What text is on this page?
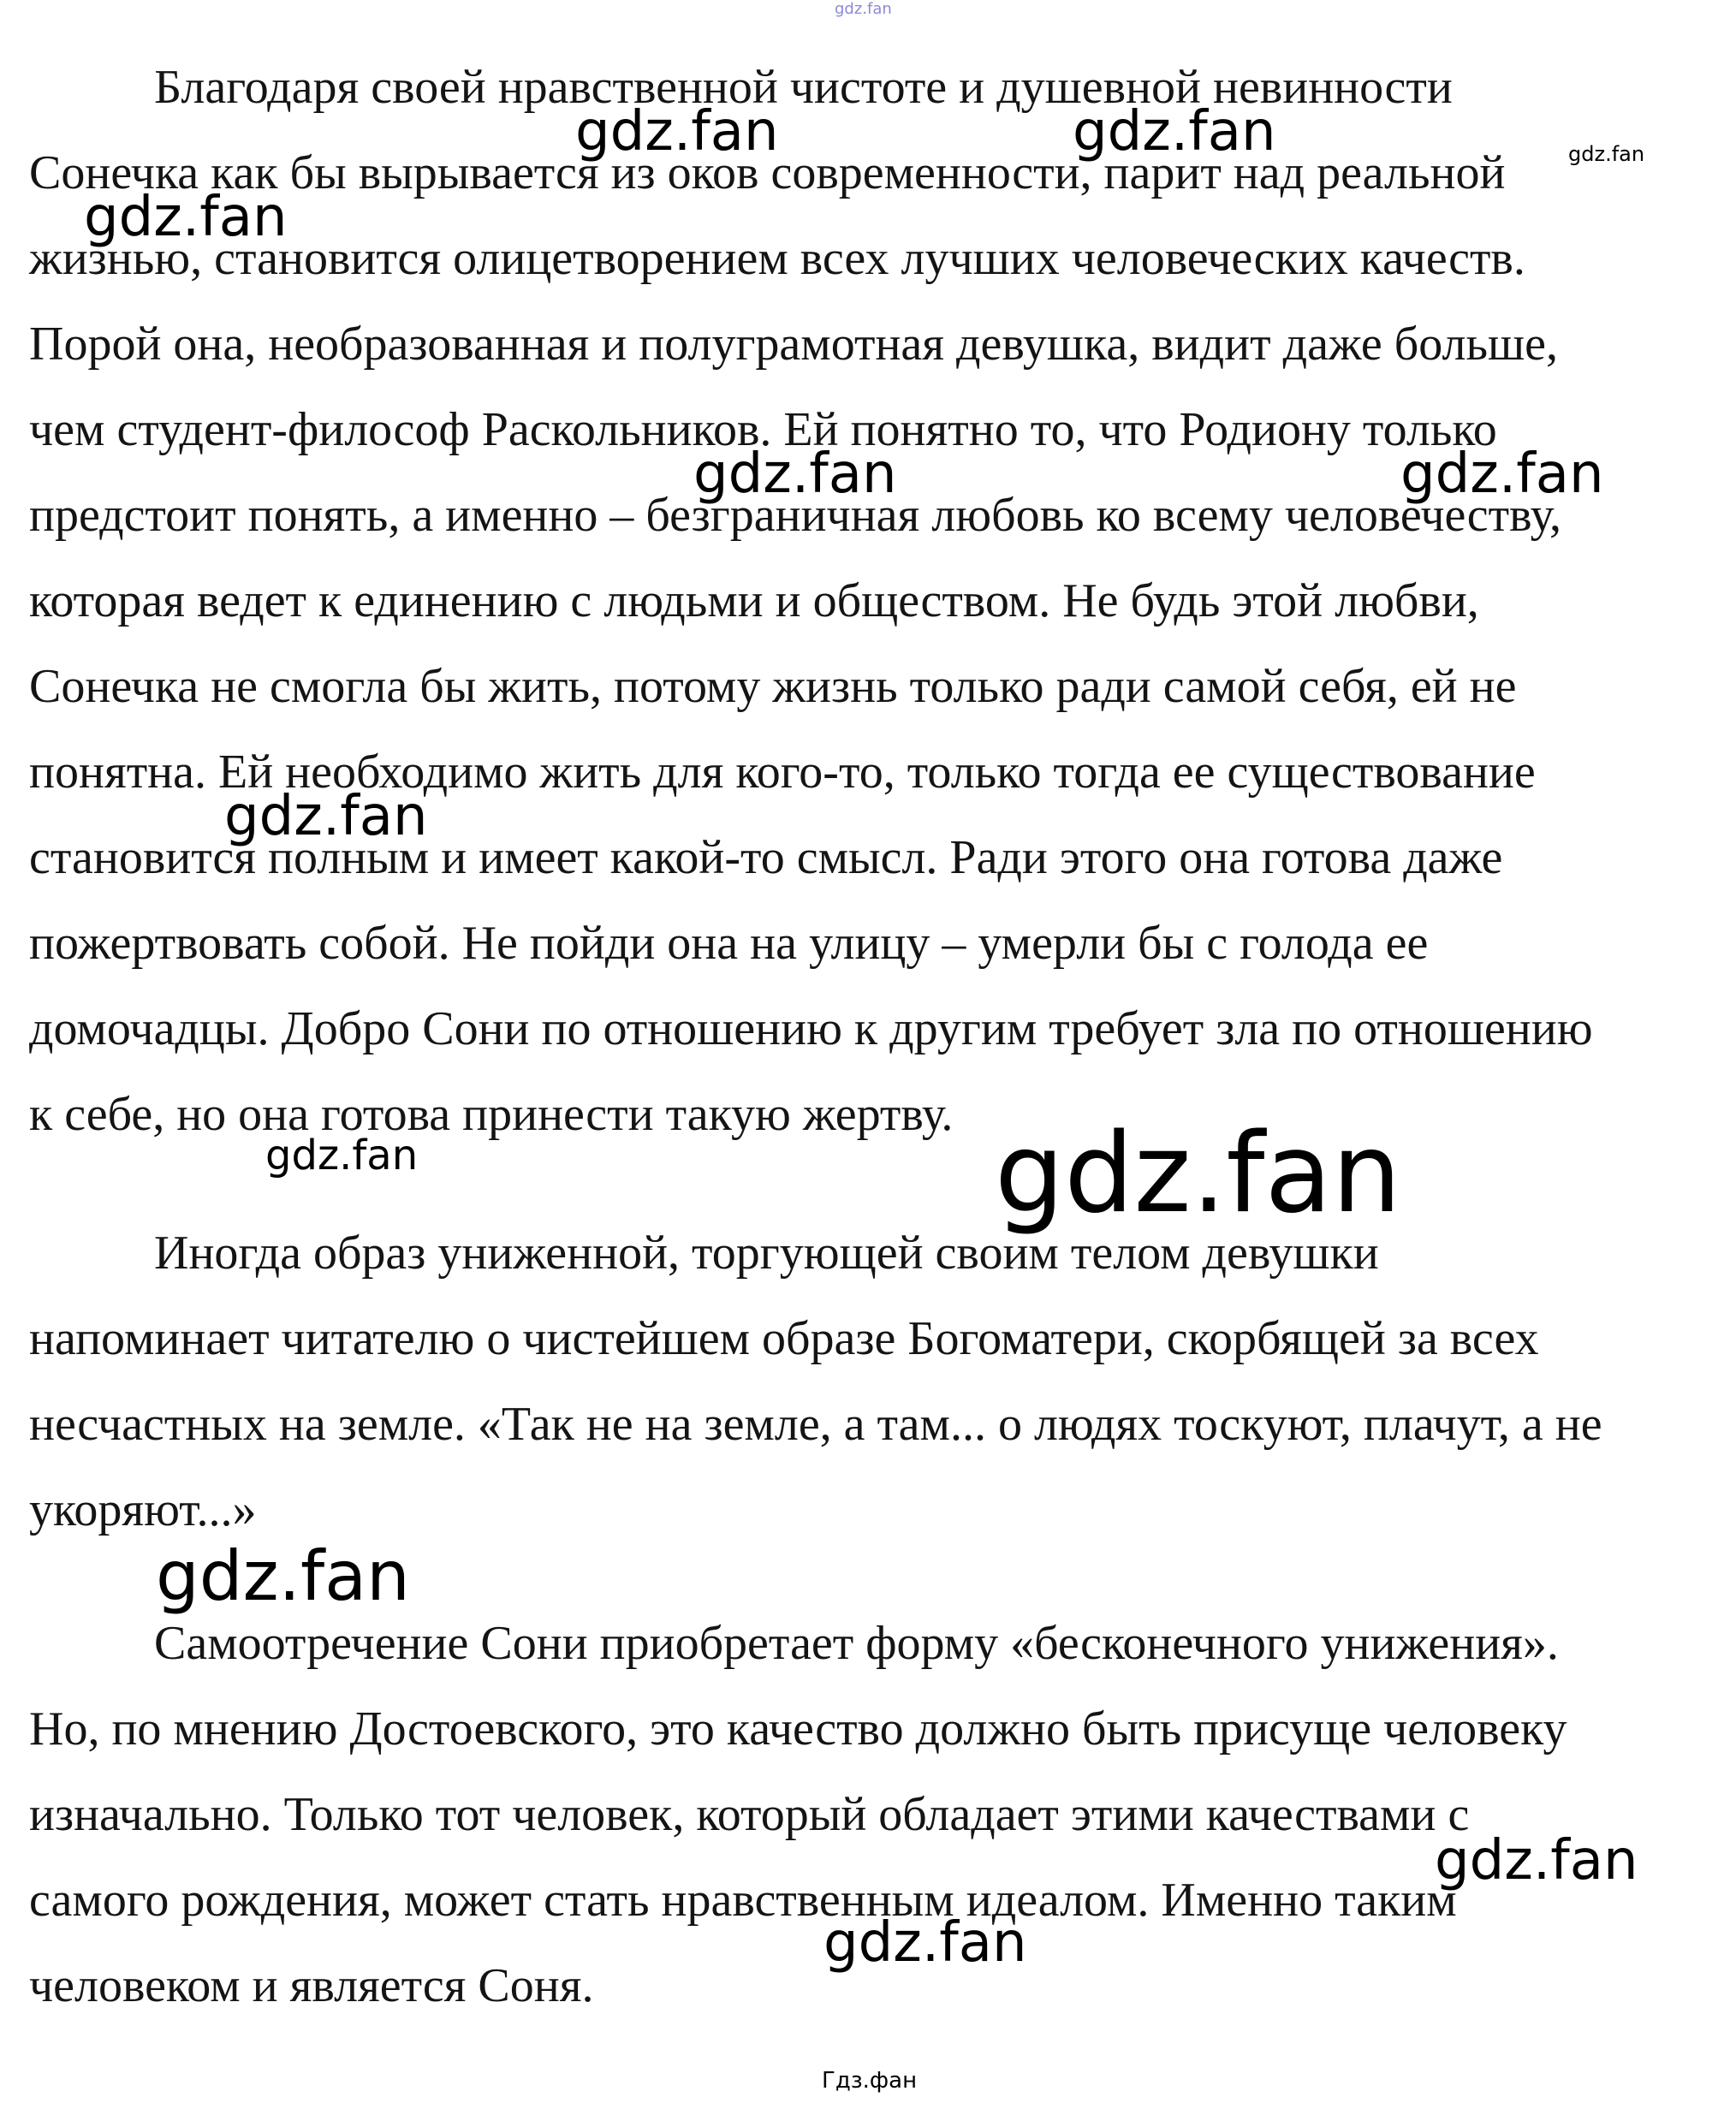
Благодаря своей нравственной чистоте и душевной невинности
Сонечка как бы вырывается из оков современности, парит над реальной
жизнью, становится олицетворением всех лучших человеческих качеств.
Порой она, необразованная и полуграмотная девушка, видит даже больше,
чем студент-философ Раскольников. Ей понятно то, что Родиону только
предстоит понять, а именно – безграничная любовь ко всему человечеству,
которая ведет к единению с людьми и обществом. Не будь этой любви,
Сонечка не смогла бы жить, потому жизнь только ради самой себя, ей не
понятна. Ей необходимо жить для кого-то, только тогда ее существование
становится полным и имеет какой-то смысл. Ради этого она готова даже
пожертвовать собой. Не пойди она на улицу – умерли бы с голода ее
домочадцы. Добро Сони по отношению к другим требует зла по отношению
к себе, но она готова принести такую жертву.
Иногда образ униженной, торгующей своим телом девушки
напоминает читателю о чистейшем образе Богоматери, скорбящей за всех
несчастных на земле. «Так не на земле, а там... о людях тоскуют, плачут, а не
укоряют...»
Самоотречение Сони приобретает форму «бесконечного унижения».
Но, по мнению Достоевского, это качество должно быть присуще человеку
изначально. Только тот человек, который обладает этими качествами с
самого рождения, может стать нравственным идеалом. Именно таким
человеком и является Соня.
gdz.fan
gdz.fan	gdz.fan	gdz.fan
gdz.fan
gdz.fan	gdz.fan
gdz.fan
gdz.fan	gdz.fan
gdz.fan
gdz.fan
gdz.fan
Гдз.фан
